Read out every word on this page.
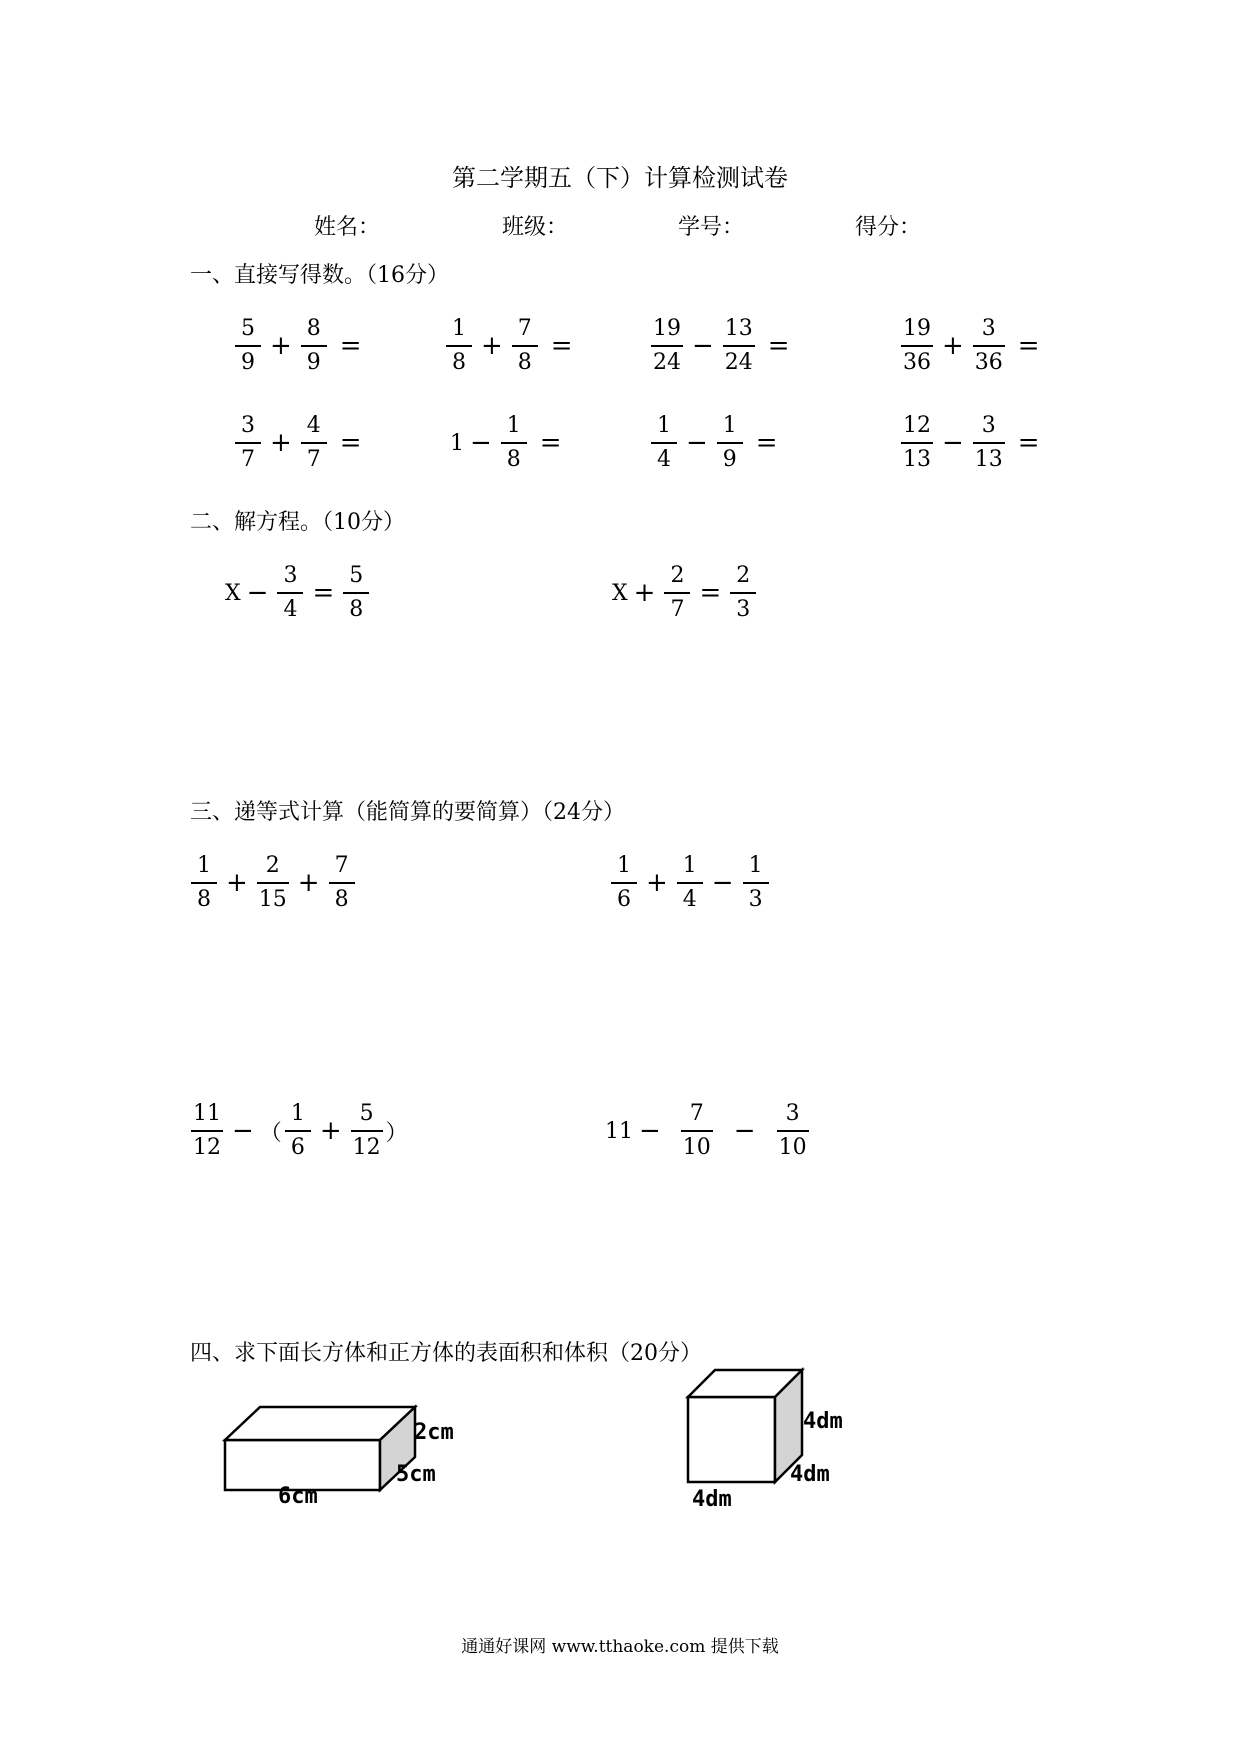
第二学期五（下）计算检测试卷
姓名：	班级：	学号：	得分：
一、直接写得数。（16分）
$\frac{5}{9} + \frac{8}{9}$ =	$\frac{1}{8} + \frac{7}{8}$ =	$\frac{19}{24} - \frac{13}{24}$ =	$\frac{19}{36} + \frac{3}{36}$ =
$\frac{3}{7} + \frac{4}{7}$ =	$1 - \frac{1}{8}$ =	$\frac{1}{4} - \frac{1}{9}$ =	$\frac{12}{13} - \frac{3}{13}$ =
二、解方程。（10分）
$X - \frac{3}{4} = \frac{5}{8}$	$X + \frac{2}{7} = \frac{2}{3}$
三、递等式计算（能简算的要简算）（24分）
$\frac{1}{8} + \frac{2}{15} + \frac{7}{8}$	$\frac{1}{6} + \frac{1}{4} - \frac{1}{3}$
$\frac{11}{12}$ − （ $\frac{1}{6} + \frac{5}{12}$ ）	$11 - \frac{7}{10} - \frac{3}{10}$
四、求下面长方体和正方体的表面积和体积（20分）
2cm
5cm
6cm
4dm
4dm
4dm
通通好课网 www.tthaoke.com 提供下载
